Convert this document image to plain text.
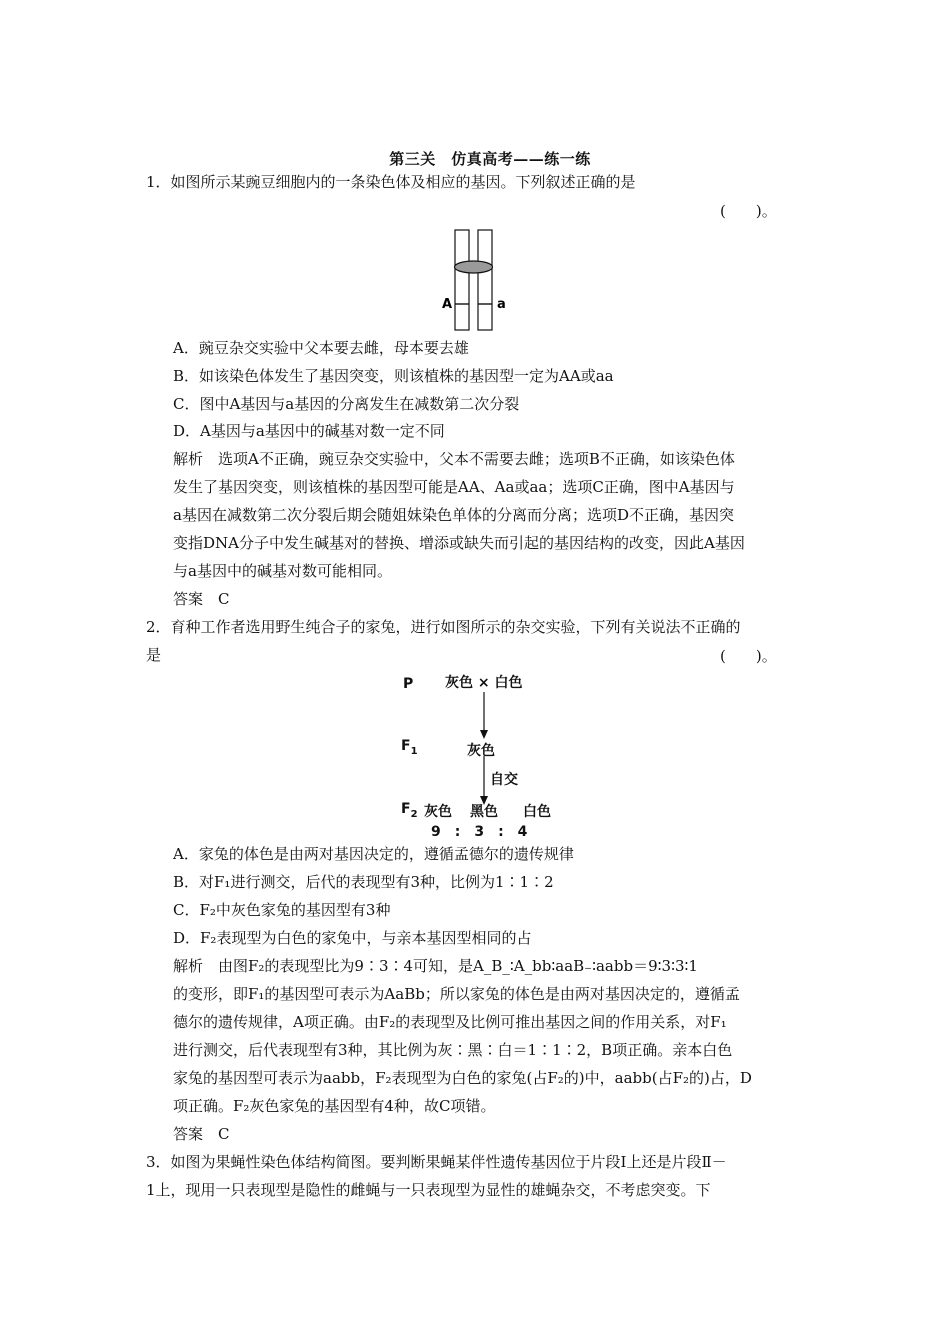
第三关　仿真高考——练一练
1．如图所示某豌豆细胞内的一条染色体及相应的基因。下列叙述正确的是
(　　)。
A	a
A．豌豆杂交实验中父本要去雌，母本要去雄
B．如该染色体发生了基因突变，则该植株的基因型一定为AA或aa
C．图中A基因与a基因的分离发生在减数第二次分裂
D．A基因与a基因中的碱基对数一定不同
解析　选项A不正确，豌豆杂交实验中，父本不需要去雌；选项B不正确，如该染色体
发生了基因突变，则该植株的基因型可能是AA、Aa或aa；选项C正确，图中A基因与
a基因在减数第二次分裂后期会随姐妹染色单体的分离而分离；选项D不正确，基因突
变指DNA分子中发生碱基对的替换、增添或缺失而引起的基因结构的改变，因此A基因
与a基因中的碱基对数可能相同。
答案　C
2．育种工作者选用野生纯合子的家兔，进行如图所示的杂交实验，下列有关说法不正确的
是	(　　)。
P 灰色 × 白色
$F_1$	灰色
自交
$F_2$ 灰色 黑色 白色
9　:　3　:　4
A．家兔的体色是由两对基因决定的，遵循孟德尔的遗传规律
B．对F₁进行测交，后代的表现型有3种，比例为1∶1∶2
C．F₂中灰色家兔的基因型有3种
D．F₂表现型为白色的家兔中，与亲本基因型相同的占
解析　由图F₂的表现型比为9∶3∶4可知，是A_B_∶A_bb∶aaB₋∶aabb＝9∶3∶3∶1
的变形，即F₁的基因型可表示为AaBb；所以家兔的体色是由两对基因决定的，遵循孟
德尔的遗传规律，A项正确。由F₂的表现型及比例可推出基因之间的作用关系，对F₁
进行测交，后代表现型有3种，其比例为灰∶黑∶白＝1∶1∶2，B项正确。亲本白色
家兔的基因型可表示为aabb，F₂表现型为白色的家兔(占F₂的)中，aabb(占F₂的)占，D
项正确。F₂灰色家兔的基因型有4种，故C项错。
答案　C
3．如图为果蝇性染色体结构简图。要判断果蝇某伴性遗传基因位于片段Ⅰ上还是片段Ⅱ－
1上，现用一只表现型是隐性的雌蝇与一只表现型为显性的雄蝇杂交，不考虑突变。下
